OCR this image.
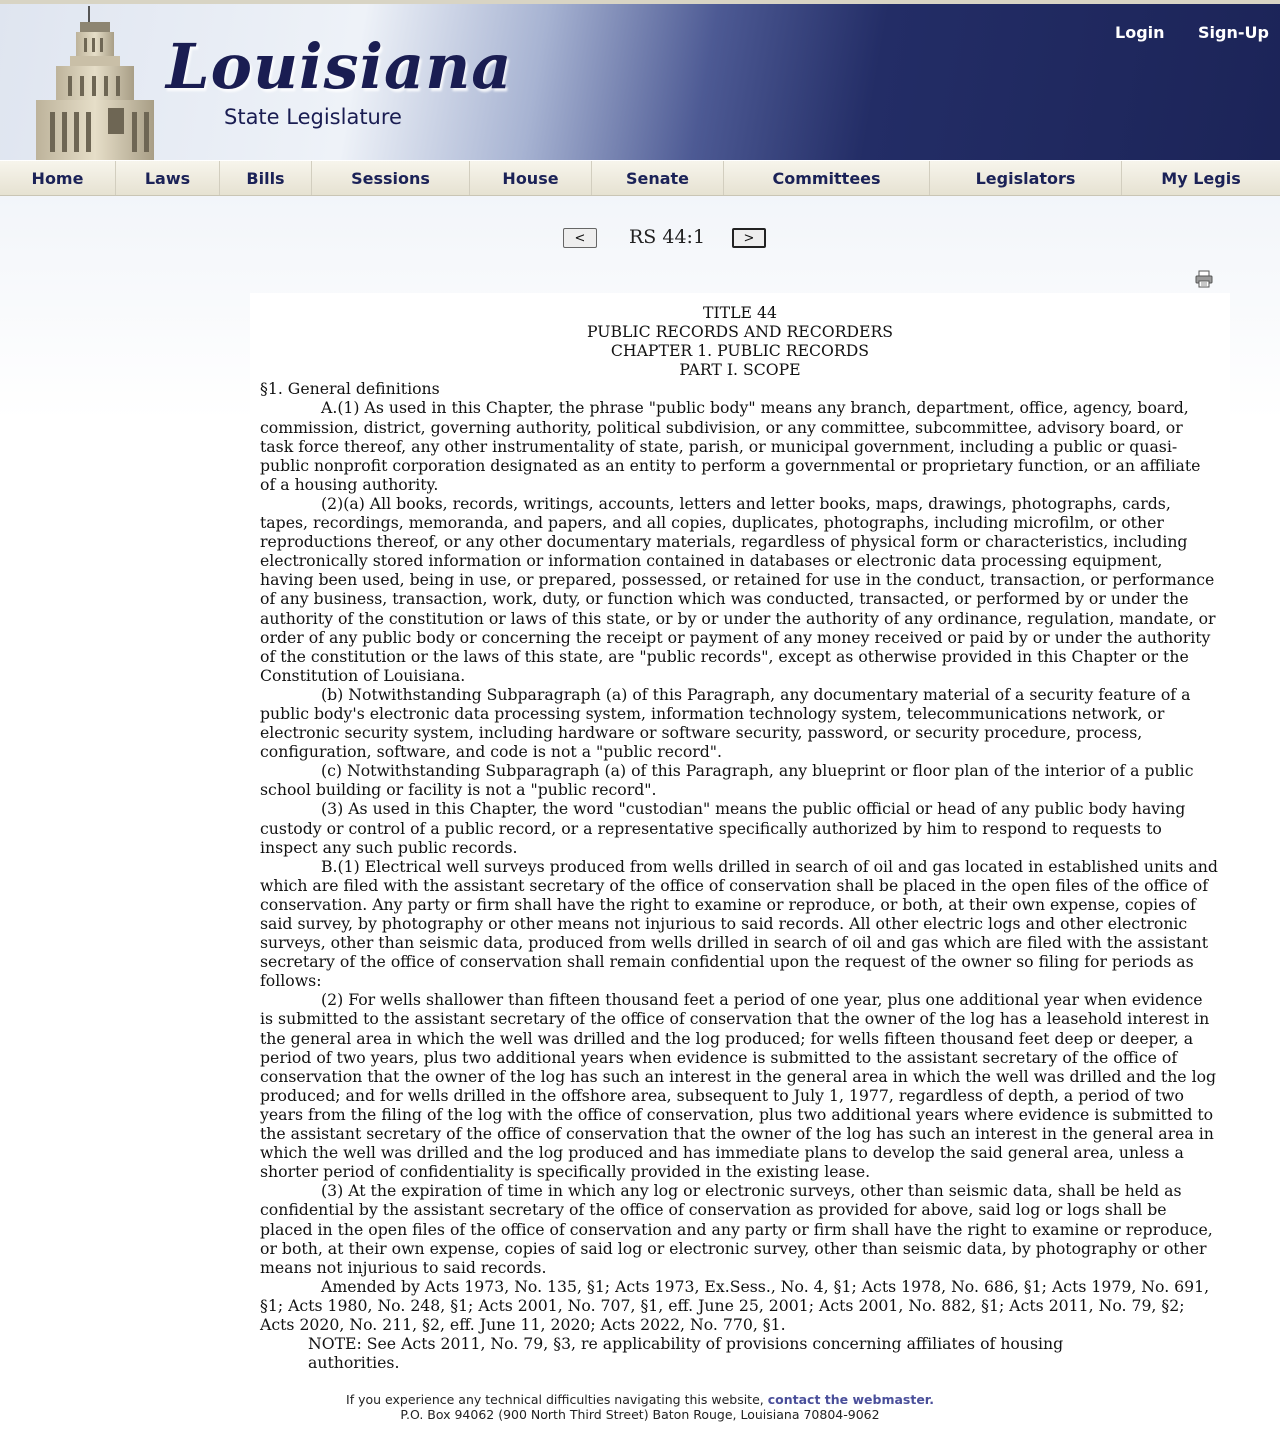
Louisiana
State Legislature
Login Sign-Up
Home	Laws	Bills	Sessions	House	Senate	Committees	Legislators	My Legis
<	RS 44:1	>

TITLE 44

PUBLIC RECORDS AND RECORDERS

CHAPTER 1. PUBLIC RECORDS

PART I. SCOPE

§1. General definitions

A.(1) As used in this Chapter, the phrase "public body" means any branch, department, office, agency, board, commission, district, governing authority, political subdivision, or any committee, subcommittee, advisory board, or task force thereof, any other instrumentality of state, parish, or municipal government, including a public or quasi-public nonprofit corporation designated as an entity to perform a governmental or proprietary function, or an affiliate of a housing authority.

(2)(a) All books, records, writings, accounts, letters and letter books, maps, drawings, photographs, cards, tapes, recordings, memoranda, and papers, and all copies, duplicates, photographs, including microfilm, or other reproductions thereof, or any other documentary materials, regardless of physical form or characteristics, including electronically stored information or information contained in databases or electronic data processing equipment, having been used, being in use, or prepared, possessed, or retained for use in the conduct, transaction, or performance of any business, transaction, work, duty, or function which was conducted, transacted, or performed by or under the authority of the constitution or laws of this state, or by or under the authority of any ordinance, regulation, mandate, or order of any public body or concerning the receipt or payment of any money received or paid by or under the authority of the constitution or the laws of this state, are "public records", except as otherwise provided in this Chapter or the Constitution of Louisiana.

(b) Notwithstanding Subparagraph (a) of this Paragraph, any documentary material of a security feature of a public body's electronic data processing system, information technology system, telecommunications network, or electronic security system, including hardware or software security, password, or security procedure, process, configuration, software, and code is not a "public record".

(c) Notwithstanding Subparagraph (a) of this Paragraph, any blueprint or floor plan of the interior of a public school building or facility is not a "public record".

(3) As used in this Chapter, the word "custodian" means the public official or head of any public body having custody or control of a public record, or a representative specifically authorized by him to respond to requests to inspect any such public records.

B.(1) Electrical well surveys produced from wells drilled in search of oil and gas located in established units and which are filed with the assistant secretary of the office of conservation shall be placed in the open files of the office of conservation. Any party or firm shall have the right to examine or reproduce, or both, at their own expense, copies of said survey, by photography or other means not injurious to said records. All other electric logs and other electronic surveys, other than seismic data, produced from wells drilled in search of oil and gas which are filed with the assistant secretary of the office of conservation shall remain confidential upon the request of the owner so filing for periods as follows:

(2) For wells shallower than fifteen thousand feet a period of one year, plus one additional year when evidence is submitted to the assistant secretary of the office of conservation that the owner of the log has a leasehold interest in the general area in which the well was drilled and the log produced; for wells fifteen thousand feet deep or deeper, a period of two years, plus two additional years when evidence is submitted to the assistant secretary of the office of conservation that the owner of the log has such an interest in the general area in which the well was drilled and the log produced; and for wells drilled in the offshore area, subsequent to July 1, 1977, regardless of depth, a period of two years from the filing of the log with the office of conservation, plus two additional years where evidence is submitted to the assistant secretary of the office of conservation that the owner of the log has such an interest in the general area in which the well was drilled and the log produced and has immediate plans to develop the said general area, unless a shorter period of confidentiality is specifically provided in the existing lease.

(3) At the expiration of time in which any log or electronic surveys, other than seismic data, shall be held as confidential by the assistant secretary of the office of conservation as provided for above, said log or logs shall be placed in the open files of the office of conservation and any party or firm shall have the right to examine or reproduce, or both, at their own expense, copies of said log or electronic survey, other than seismic data, by photography or other means not injurious to said records.

Amended by Acts 1973, No. 135, §1; Acts 1973, Ex.Sess., No. 4, §1; Acts 1978, No. 686, §1; Acts 1979, No. 691, §1; Acts 1980, No. 248, §1; Acts 2001, No. 707, §1, eff. June 25, 2001; Acts 2001, No. 882, §1; Acts 2011, No. 79, §2; Acts 2020, No. 211, §2, eff. June 11, 2020; Acts 2022, No. 770, §1.

NOTE: See Acts 2011, No. 79, §3, re applicability of provisions concerning affiliates of housing authorities.

If you experience any technical difficulties navigating this website, contact the webmaster.
P.O. Box 94062 (900 North Third Street) Baton Rouge, Louisiana 70804-9062
